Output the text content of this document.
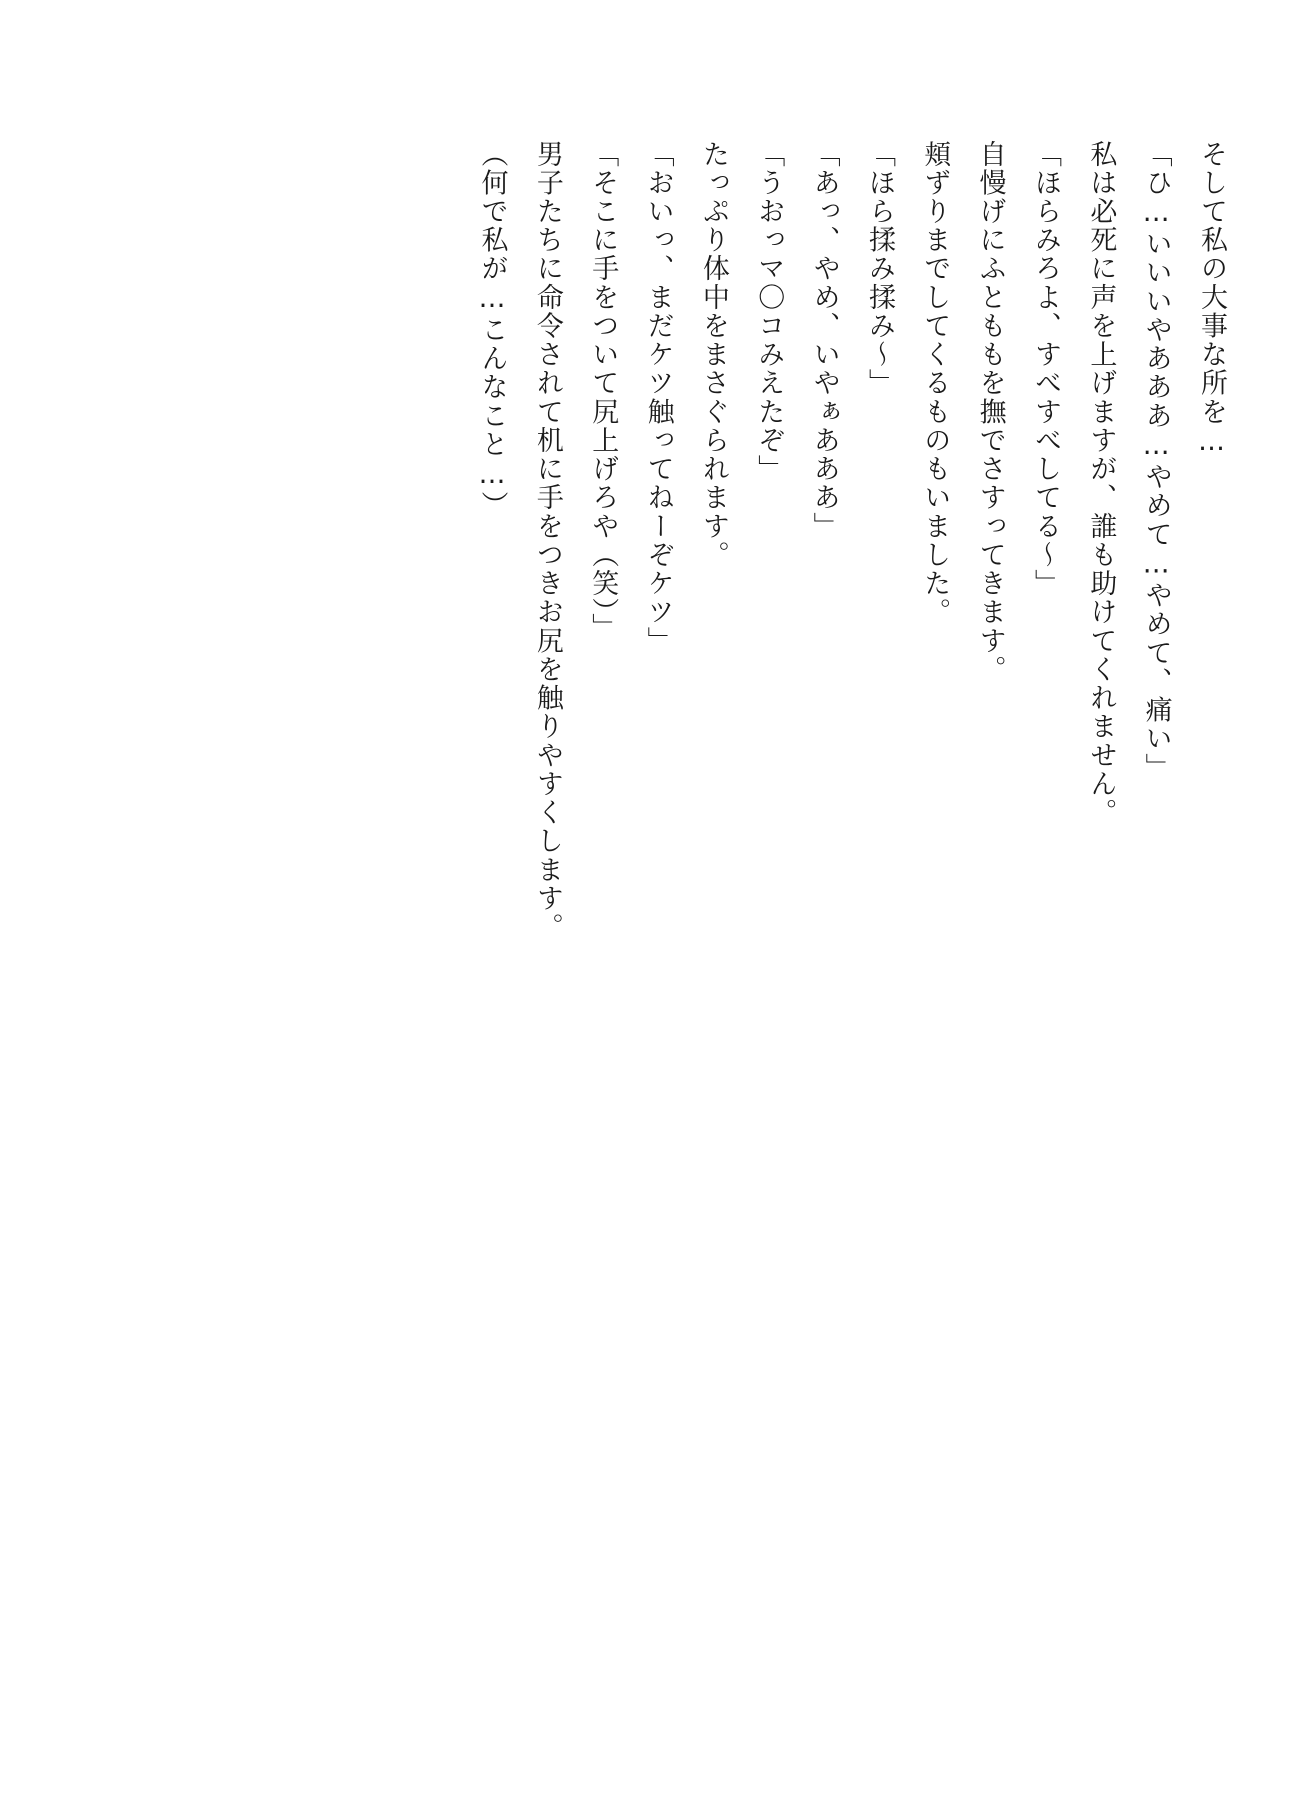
そして私の大事な所を…
「ひ…いいいやあああ…やめて…やめて、痛い」
私は必死に声を上げますが、誰も助けてくれません。
「ほらみろよ、すべすべしてる～」
自慢げにふとももを撫でさすってきます。
頬ずりまでしてくるものもいました。
「ほら揉み揉み～」
「あっ、やめ、いやぁあああ」
「うおっマ〇コみえたぞ」
たっぷり体中をまさぐられます。
「おいっ、まだケツ触ってねーぞケツ」
「そこに手をついて尻上げろや（笑）」
男子たちに命令されて机に手をつきお尻を触りやすくします。
（何で私が…こんなこと…）
